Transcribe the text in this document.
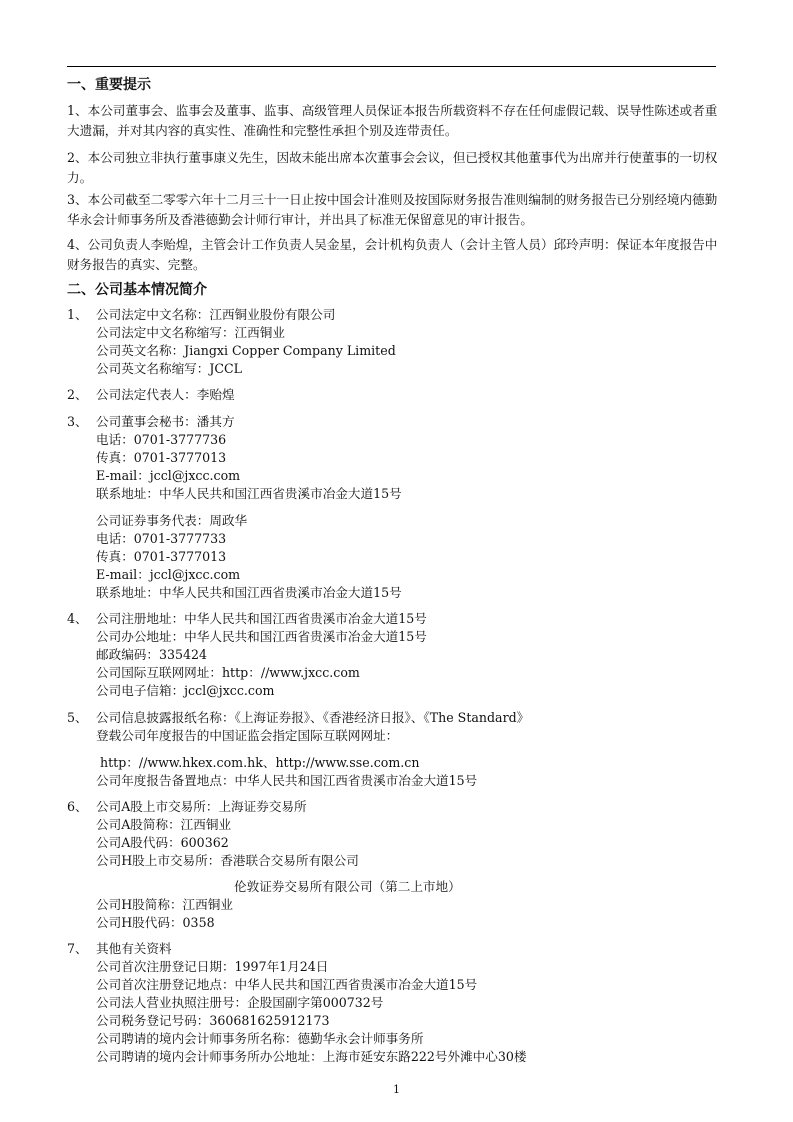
一、重要提示
1、本公司董事会、监事会及董事、监事、高级管理人员保证本报告所载资料不存在任何虚假记载、误导性陈述或者重大遗漏，并对其内容的真实性、准确性和完整性承担个别及连带责任。
2、本公司独立非执行董事康义先生，因故未能出席本次董事会会议，但已授权其他董事代为出席并行使董事的一切权力。
3、本公司截至二零零六年十二月三十一日止按中国会计准则及按国际财务报告准则编制的财务报告已分别经境内德勤华永会计师事务所及香港德勤会计师行审计，并出具了标准无保留意见的审计报告。
4、公司负责人李贻煌，主管会计工作负责人吴金星，会计机构负责人（会计主管人员）邱玲声明：保证本年度报告中财务报告的真实、完整。
二、公司基本情况简介
1、 公司法定中文名称：江西铜业股份有限公司
公司法定中文名称缩写：江西铜业
公司英文名称：Jiangxi Copper Company Limited
公司英文名称缩写：JCCL
2、 公司法定代表人：李贻煌
3、 公司董事会秘书：潘其方
电话：0701-3777736
传真：0701-3777013
E-mail：jccl@jxcc.com
联系地址：中华人民共和国江西省贵溪市冶金大道15号
公司证券事务代表：周政华
电话：0701-3777733
传真：0701-3777013
E-mail：jccl@jxcc.com
联系地址：中华人民共和国江西省贵溪市冶金大道15号
4、 公司注册地址：中华人民共和国江西省贵溪市冶金大道15号
公司办公地址：中华人民共和国江西省贵溪市冶金大道15号
邮政编码：335424
公司国际互联网网址：http：//www.jxcc.com
公司电子信箱：jccl@jxcc.com
5、 公司信息披露报纸名称：《上海证券报》、《香港经济日报》、《The Standard》
登载公司年度报告的中国证监会指定国际互联网网址：
http：//www.hkex.com.hk、http://www.sse.com.cn
公司年度报告备置地点：中华人民共和国江西省贵溪市冶金大道15号
6、 公司A股上市交易所：上海证券交易所
公司A股简称：江西铜业
公司A股代码：600362
公司H股上市交易所：香港联合交易所有限公司
伦敦证券交易所有限公司（第二上市地）
公司H股简称：江西铜业
公司H股代码：0358
7、 其他有关资料
公司首次注册登记日期：1997年1月24日
公司首次注册登记地点：中华人民共和国江西省贵溪市冶金大道15号
公司法人营业执照注册号：企股国副字第000732号
公司税务登记号码：360681625912173
公司聘请的境内会计师事务所名称：德勤华永会计师事务所
公司聘请的境内会计师事务所办公地址：上海市延安东路222号外滩中心30楼
1
